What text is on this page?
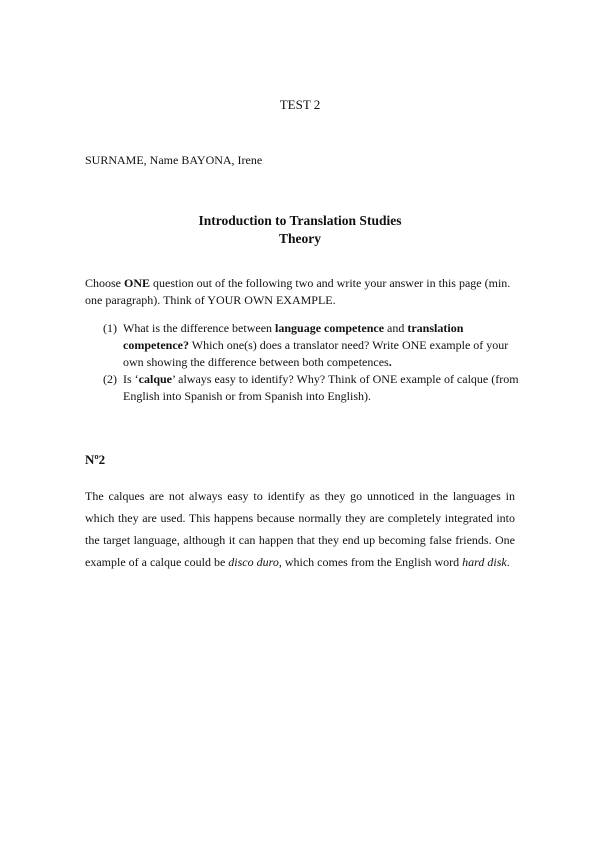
TEST 2
SURNAME, Name BAYONA, Irene
Introduction to Translation Studies
Theory
Choose ONE question out of the following two and write your answer in this page (min. one paragraph). Think of YOUR OWN EXAMPLE.
(1) What is the difference between language competence and translation competence? Which one(s) does a translator need? Write ONE example of your own showing the difference between both competences.
(2) Is ‘calque’ always easy to identify? Why? Think of ONE example of calque (from English into Spanish or from Spanish into English).
Nº2
The calques are not always easy to identify as they go unnoticed in the languages in which they are used. This happens because normally they are completely integrated into the target language, although it can happen that they end up becoming false friends. One example of a calque could be disco duro, which comes from the English word hard disk.
